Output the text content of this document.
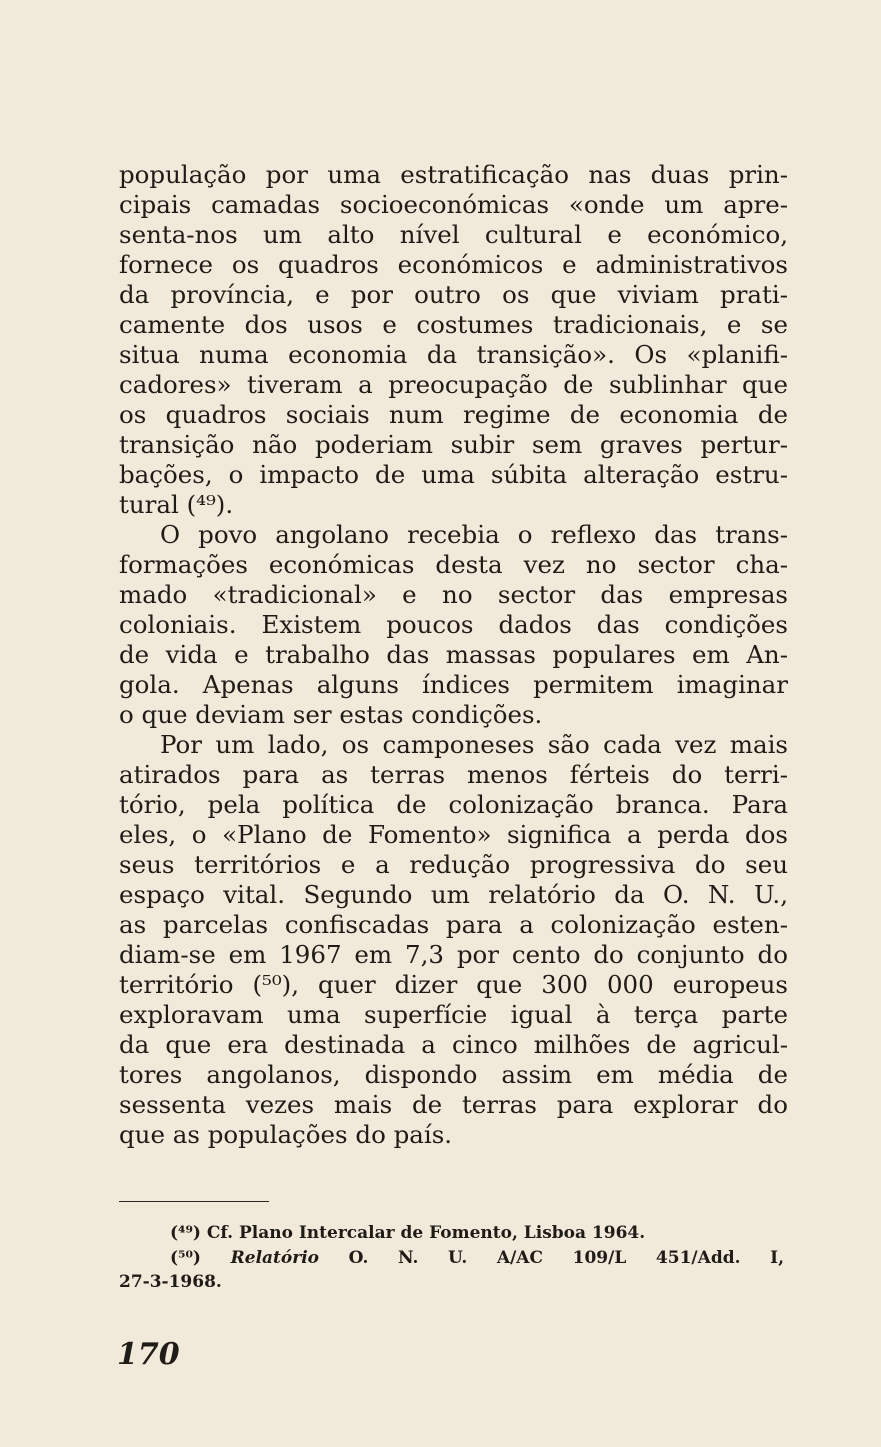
população por uma estratificação nas duas prin-
cipais camadas socioeconómicas «onde um apre-
senta-nos um alto nível cultural e económico,
fornece os quadros económicos e administrativos
da província, e por outro os que viviam prati-
camente dos usos e costumes tradicionais, e se
situa numa economia da transição». Os «planifi-
cadores» tiveram a preocupação de sublinhar que
os quadros sociais num regime de economia de
transição não poderiam subir sem graves pertur-
bações, o impacto de uma súbita alteração estru-
tural (⁴⁹).
O povo angolano recebia o reflexo das trans-
formações económicas desta vez no sector cha-
mado «tradicional» e no sector das empresas
coloniais. Existem poucos dados das condições
de vida e trabalho das massas populares em An-
gola. Apenas alguns índices permitem imaginar
o que deviam ser estas condições.
Por um lado, os camponeses são cada vez mais
atirados para as terras menos férteis do terri-
tório, pela política de colonização branca. Para
eles, o «Plano de Fomento» significa a perda dos
seus territórios e a redução progressiva do seu
espaço vital. Segundo um relatório da O. N. U.,
as parcelas confiscadas para a colonização esten-
diam-se em 1967 em 7,3 por cento do conjunto do
território (⁵⁰), quer dizer que 300 000 europeus
exploravam uma superfície igual à terça parte
da que era destinada a cinco milhões de agricul-
tores angolanos, dispondo assim em média de
sessenta vezes mais de terras para explorar do
que as populações do país.
(⁴⁹) Cf. Plano Intercalar de Fomento, Lisboa 1964.
(⁵⁰) Relatório O. N. U. A/AC 109/L 451/Add. I,
27-3-1968.
170
